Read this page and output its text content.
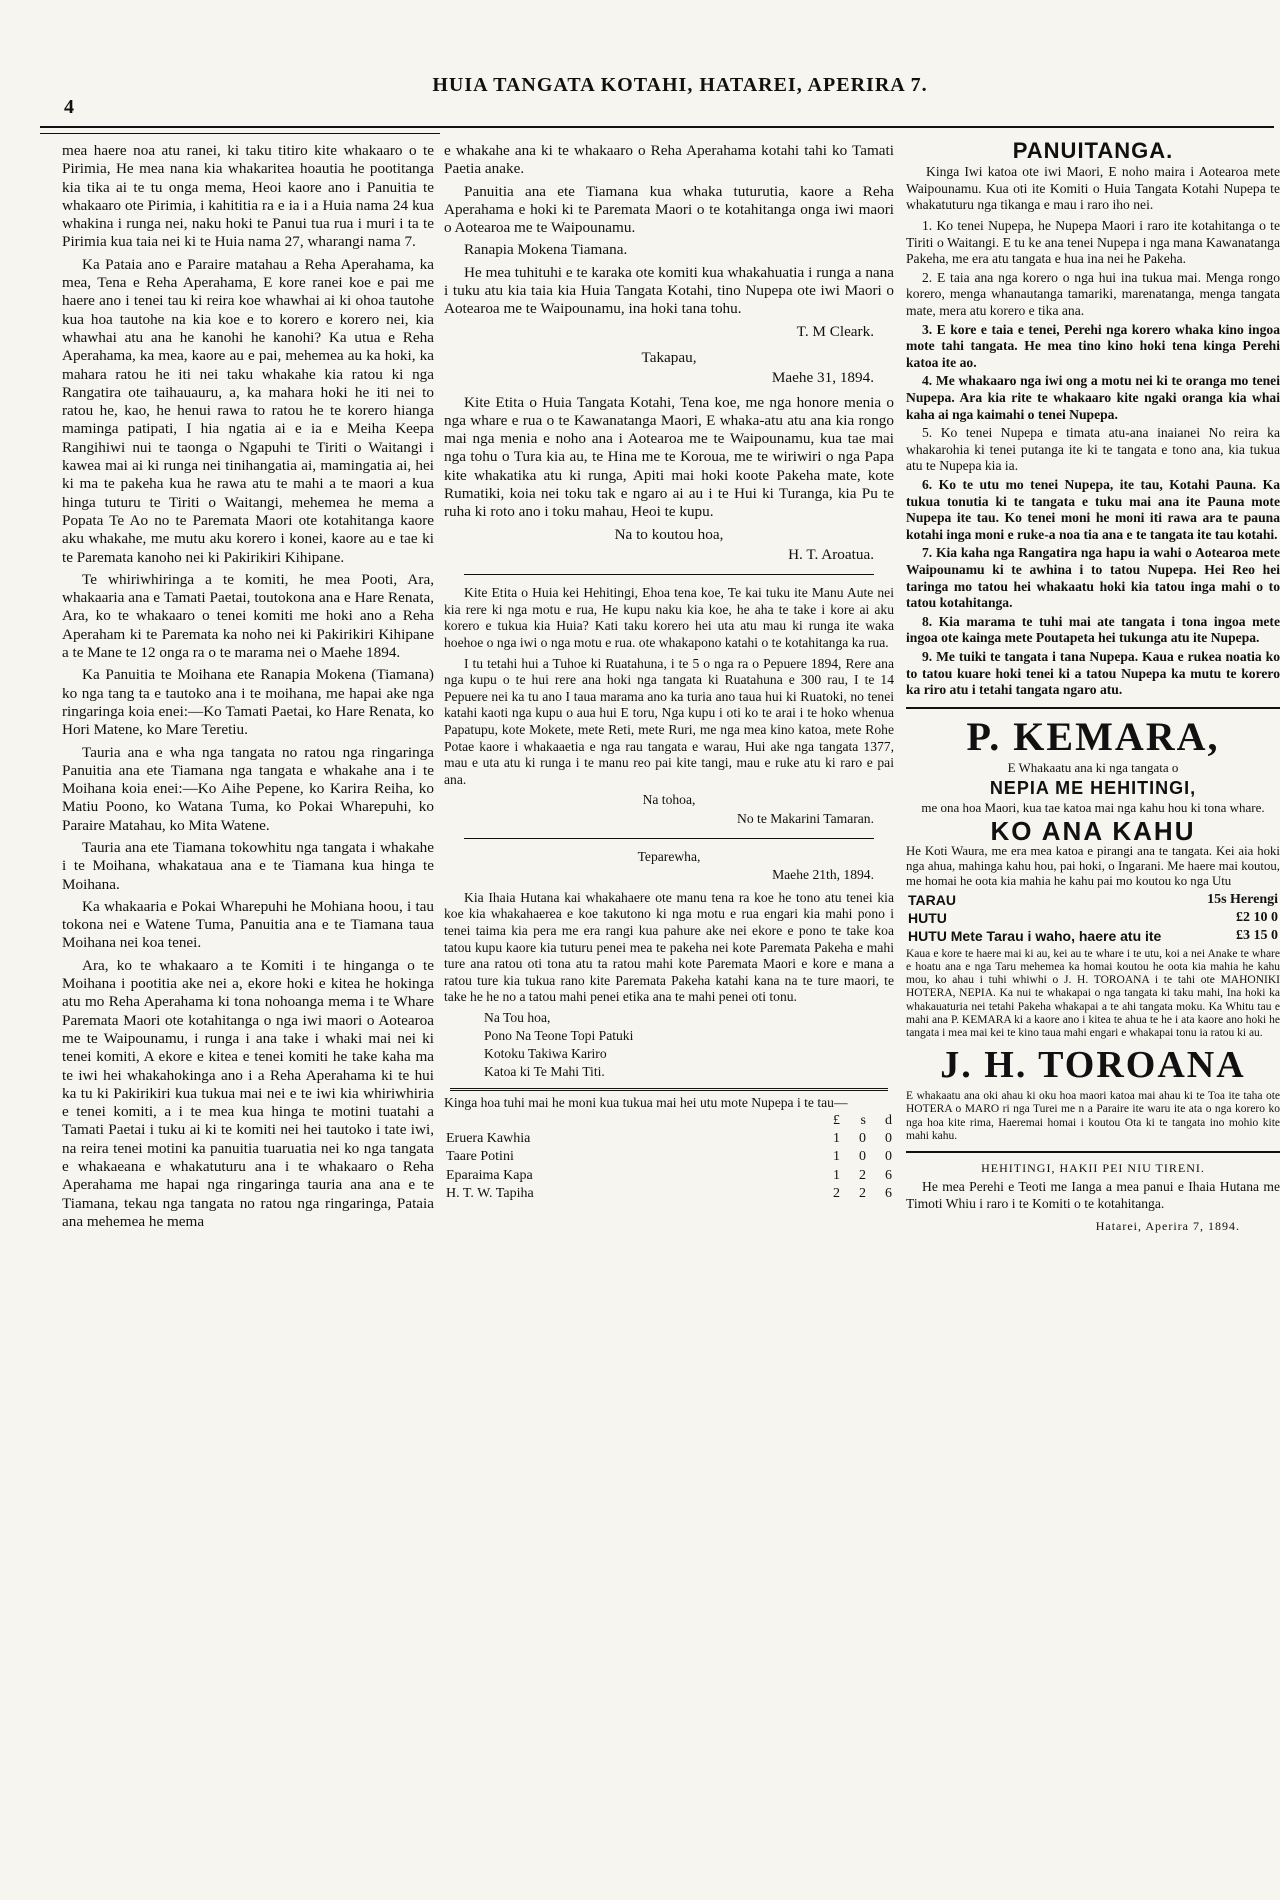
4
HUIA TANGATA KOTAHI, HATAREI, APERIRA 7.

mea haere noa atu ranei, ki taku titiro kite whakaaro o te Pirimia, He mea nana kia whakaritea hoautia he pootitanga kia tika ai te tu onga mema, Heoi kaore ano i Panuitia te whakaaro ote Pirimia, i kahititia ra e ia i a Huia nama 24 kua whakina i runga nei, naku hoki te Panui tua rua i muri i ta te Pirimia kua taia nei ki te Huia nama 27, wharangi nama 7.

Ka Pataia ano e Paraire matahau a Reha Aperahama, ka mea, Tena e Reha Aperahama, E kore ranei koe e pai me haere ano i tenei tau ki reira koe whawhai ai ki ohoa tautohe kua hoa tautohe na kia koe e to korero e korero nei, kia whawhai atu ana he kanohi he kanohi? Ka utua e Reha Aperahama, ka mea, kaore au e pai, mehemea au ka hoki, ka mahara ratou he iti nei taku whakahe kia ratou ki nga Rangatira ote taihauauru, a, ka mahara hoki he iti nei to ratou he, kao, he henui rawa to ratou he te korero hianga maminga patipati, I hia ngatia ai e ia e Meiha Keepa Rangihiwi nui te taonga o Ngapuhi te Tiriti o Waitangi i kawea mai ai ki runga nei tinihangatia ai, mamingatia ai, hei ki ma te pakeha kua he rawa atu te mahi a te maori a kua hinga tuturu te Tiriti o Waitangi, mehemea he mema a Popata Te Ao no te Paremata Maori ote kotahitanga kaore aku whakahe, me mutu aku korero i konei, kaore au e tae ki te Paremata kanoho nei ki Pakirikiri Kihipane.

Te whiriwhiringa a te komiti, he mea Pooti, Ara, whakaaria ana e Tamati Paetai, toutokona ana e Hare Renata, Ara, ko te whakaaro o tenei komiti me hoki ano a Reha Aperaham ki te Paremata ka noho nei ki Pakirikiri Kihipane a te Mane te 12 onga ra o te marama nei o Maehe 1894.

Ka Panuitia te Moihana ete Ranapia Mokena (Tiamana) ko nga tang ta e tautoko ana i te moihana, me hapai ake nga ringaringa koia enei:—Ko Tamati Paetai, ko Hare Renata, ko Hori Matene, ko Mare Teretiu.

Tauria ana e wha nga tangata no ratou nga ringaringa Panuitia ana ete Tiamana nga tangata e whakahe ana i te Moihana koia enei:—Ko Aihe Pepene, ko Karira Reiha, ko Matiu Poono, ko Watana Tuma, ko Pokai Wharepuhi, ko Paraire Matahau, ko Mita Watene.

Tauria ana ete Tiamana tokowhitu nga tangata i whakahe i te Moihana, whakataua ana e te Tiamana kua hinga te Moihana.

Ka whakaaria e Pokai Wharepuhi he Mohiana hoou, i tau tokona nei e Watene Tuma, Panuitia ana e te Tiamana taua Moihana nei koa tenei.

Ara, ko te whakaaro a te Komiti i te hinganga o te Moihana i pootitia ake nei a, ekore hoki e kitea he hokinga atu mo Reha Aperahama ki tona nohoanga mema i te Whare Paremata Maori ote kotahitanga o nga iwi maori o Aotearoa me te Waipounamu, i runga i ana take i whaki mai nei ki tenei komiti, A ekore e kitea e tenei komiti he take kaha ma te iwi hei whakahokinga ano i a Reha Aperahama ki te hui ka tu ki Pakirikiri kua tukua mai nei e te iwi kia whiriwhiria e tenei komiti, a i te mea kua hinga te motini tuatahi a Tamati Paetai i tuku ai ki te komiti nei hei tautoko i tate iwi, na reira tenei motini ka panuitia tuaruatia nei ko nga tangata e whakaeana e whakatuturu ana i te whakaaro o Reha Aperahama me hapai nga ringaringa tauria ana ana e te Tiamana, tekau nga tangata no ratou nga ringaringa, Pataia ana mehemea he mema

e whakahe ana ki te whakaaro o Reha Aperahama kotahi tahi ko Tamati Paetia anake.

Panuitia ana ete Tiamana kua whaka tuturutia, kaore a Reha Aperahama e hoki ki te Paremata Maori o te kotahitanga onga iwi maori o Aotearoa me te Waipounamu.

Ranapia Mokena Tiamana.

He mea tuhituhi e te karaka ote komiti kua whakahuatia i runga a nana i tuku atu kia taia kia Huia Tangata Kotahi, tino Nupepa ote iwi Maori o Aotearoa me te Waipounamu, ina hoki tana tohu.

T. M Cleark.
Takapau,
Maehe 31, 1894.

Kite Etita o Huia Tangata Kotahi, Tena koe, me nga honore menia o nga whare e rua o te Kawanatanga Maori, E whaka-atu atu ana kia rongo mai nga menia e noho ana i Aotearoa me te Waipounamu, kua tae mai nga tohu o Tura kia au, te Hina me te Koroua, me te wiriwiri o nga Papa kite whakatika atu ki runga, Apiti mai hoki koote Pakeha mate, kote Rumatiki, koia nei toku tak e ngaro ai au i te Hui ki Turanga, kia Pu te ruha ki roto ano i toku mahau, Heoi te kupu.

Na to koutou hoa,
H. T. Aroatua.

Kite Etita o Huia kei Hehitingi, Ehoa tena koe, Te kai tuku ite Manu Aute nei kia rere ki nga motu e rua, He kupu naku kia koe, he aha te take i kore ai aku korero e tukua kia Huia? Kati taku korero hei uta atu mau ki runga ite waka hoehoe o nga iwi o nga motu e rua. ote whakapono katahi o te kotahitanga ka rua.

I tu tetahi hui a Tuhoe ki Ruatahuna, i te 5 o nga ra o Pepuere 1894, Rere ana nga kupu o te hui rere ana hoki nga tangata ki Ruatahuna e 300 rau, I te 14 Pepuere nei ka tu ano I taua marama ano ka turia ano taua hui ki Ruatoki, no tenei katahi kaoti nga kupu o aua hui E toru, Nga kupu i oti ko te arai i te hoko whenua Papatupu, kote Mokete, mete Reti, mete Ruri, me nga mea kino katoa, mete Rohe Potae kaore i whakaaetia e nga rau tangata e warau, Hui ake nga tangata 1377, mau e uta atu ki runga i te manu reo pai kite tangi, mau e ruke atu ki raro e pai ana.

Na tohoa,
No te Makarini Tamaran.
Teparewha,
Maehe 21th, 1894.

Kia Ihaia Hutana kai whakahaere ote manu tena ra koe he tono atu tenei kia koe kia whakahaerea e koe takutono ki nga motu e rua engari kia mahi pono i tenei taima kia pera me era rangi kua pahure ake nei ekore e pono te take koa tatou kupu kaore kia tuturu penei mea te pakeha nei kote Paremata Pakeha e mahi ture ana ratou oti tona atu ta ratou mahi kote Paremata Maori e kore e mana a ratou ture kia tukua rano kite Paremata Pakeha katahi kana na te ture maori, te take he he no a tatou mahi penei etika ana te mahi penei oti tonu.

Na Tou hoa,
Pono Na Teone Topi Patuki
Kotoku Takiwa Kariro
Katoa ki Te Mahi Titi.
Kinga hoa tuhi mai he moni kua tukua mai hei utu mote Nupepa i te tau—
	£	s	d
Eruera Kawhia	1	0	0
Taare Potini	1	0	0
Eparaima Kapa	1	2	6
H. T. W. Tapiha	2	2	6
PANUITANGA.

Kinga Iwi katoa ote iwi Maori, E noho maira i Aotearoa mete Waipounamu. Kua oti ite Komiti o Huia Tangata Kotahi Nupepa te whakatuturu nga tikanga e mau i raro iho nei.

1. Ko tenei Nupepa, he Nupepa Maori i raro ite kotahitanga o te Tiriti o Waitangi. E tu ke ana tenei Nupepa i nga mana Kawanatanga Pakeha, me era atu tangata e hua ina nei he Pakeha.
2. E taia ana nga korero o nga hui ina tukua mai. Menga rongo korero, menga whanautanga tamariki, marenatanga, menga tangata mate, mera atu korero e tika ana.
3. E kore e taia e tenei, Perehi nga korero whaka kino ingoa mote tahi tangata. He mea tino kino hoki tena kinga Perehi katoa ite ao.
4. Me whakaaro nga iwi ong a motu nei ki te oranga mo tenei Nupepa. Ara kia rite te whakaaro kite ngaki oranga kia whai kaha ai nga kaimahi o tenei Nupepa.
5. Ko tenei Nupepa e timata atu-ana inaianei No reira ka whakarohia ki tenei putanga ite ki te tangata e tono ana, kia tukua atu te Nupepa kia ia.
6. Ko te utu mo tenei Nupepa, ite tau, Kotahi Pauna. Ka tukua tonutia ki te tangata e tuku mai ana ite Pauna mote Nupepa ite tau. Ko tenei moni he moni iti rawa ara te pauna kotahi inga moni e ruke-a noa tia ana e te tangata ite tau kotahi.
7. Kia kaha nga Rangatira nga hapu ia wahi o Aotearoa mete Waipounamu ki te awhina i to tatou Nupepa. Hei Reo hei taringa mo tatou hei whakaatu hoki kia tatou inga mahi o to tatou kotahitanga.
8. Kia marama te tuhi mai ate tangata i tona ingoa mete ingoa ote kainga mete Poutapeta hei tukunga atu ite Nupepa.
9. Me tuiki te tangata i tana Nupepa. Kaua e rukea noatia ko to tatou kuare hoki tenei ki a tatou Nupepa ka mutu te korero ka riro atu i tetahi tangata ngaro atu.
P. KEMARA,
E Whakaatu ana ki nga tangata o
NEPIA ME HEHITINGI,
me ona hoa Maori, kua tae katoa mai nga kahu hou ki tona whare.
KO ANA KAHU
He Koti Waura, me era mea katoa e pirangi ana te tangata. Kei aia hoki nga ahua, mahinga kahu hou, pai hoki, o Ingarani. Me haere mai koutou, me homai he oota kia mahia he kahu pai mo koutou ko nga Utu
TARAU	15s Herengi
HUTU	£2 10 0
HUTU Mete Tarau i waho, haere atu ite	£3 15 0
Kaua e kore te haere mai ki au, kei au te whare i te utu, koi a nei Anake te whare e hoatu ana e nga Taru mehemea ka homai koutou he oota kia mahia he kahu mou, ko ahau i tuhi whiwhi o J. H. TOROANA i te tahi ote MAHONIKI HOTERA, NEPIA. Ka nui te whakapai o nga tangata ki taku mahi, Ina hoki ka whakauaturia nei tetahi Pakeha whakapai a te ahi tangata moku. Ka Whitu tau e mahi ana P. KEMARA ki a kaore ano i kitea te ahua te he i ata kaore ano hoki he tangata i mea mai kei te kino taua mahi engari e whakapai tonu ia ratou ki au.
J. H. TOROANA
E whakaatu ana oki ahau ki oku hoa maori katoa mai ahau ki te Toa ite taha ote HOTERA o MARO ri nga Turei me n a Paraire ite waru ite ata o nga korero ko nga hoa kite rima, Haeremai homai i koutou Ota ki te tangata ino mohio kite mahi kahu.
HEHITINGI, HAKII PEI NIU TIRENI.

He mea Perehi e Teoti me Ianga a mea panui e Ihaia Hutana me Timoti Whiu i raro i te Komiti o te kotahitanga.

Hatarei, Aperira 7, 1894.
